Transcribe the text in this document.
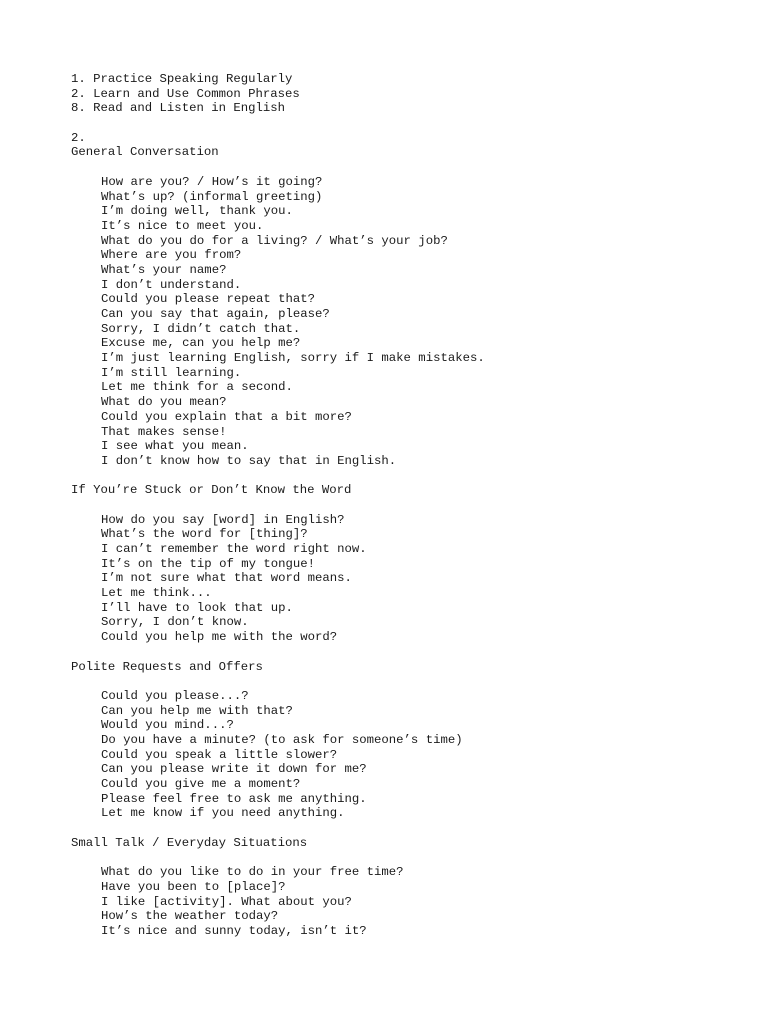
1. Practice Speaking Regularly
2. Learn and Use Common Phrases
8. Read and Listen in English
2.
General Conversation
How are you? / How’s it going?
What’s up? (informal greeting)
I’m doing well, thank you.
It’s nice to meet you.
What do you do for a living? / What’s your job?
Where are you from?
What’s your name?
I don’t understand.
Could you please repeat that?
Can you say that again, please?
Sorry, I didn’t catch that.
Excuse me, can you help me?
I’m just learning English, sorry if I make mistakes.
I’m still learning.
Let me think for a second.
What do you mean?
Could you explain that a bit more?
That makes sense!
I see what you mean.
I don’t know how to say that in English.
If You’re Stuck or Don’t Know the Word
How do you say [word] in English?
What’s the word for [thing]?
I can’t remember the word right now.
It’s on the tip of my tongue!
I’m not sure what that word means.
Let me think...
I’ll have to look that up.
Sorry, I don’t know.
Could you help me with the word?
Polite Requests and Offers
Could you please...?
Can you help me with that?
Would you mind...?
Do you have a minute? (to ask for someone’s time)
Could you speak a little slower?
Can you please write it down for me?
Could you give me a moment?
Please feel free to ask me anything.
Let me know if you need anything.
Small Talk / Everyday Situations
What do you like to do in your free time?
Have you been to [place]?
I like [activity]. What about you?
How’s the weather today?
It’s nice and sunny today, isn’t it?
